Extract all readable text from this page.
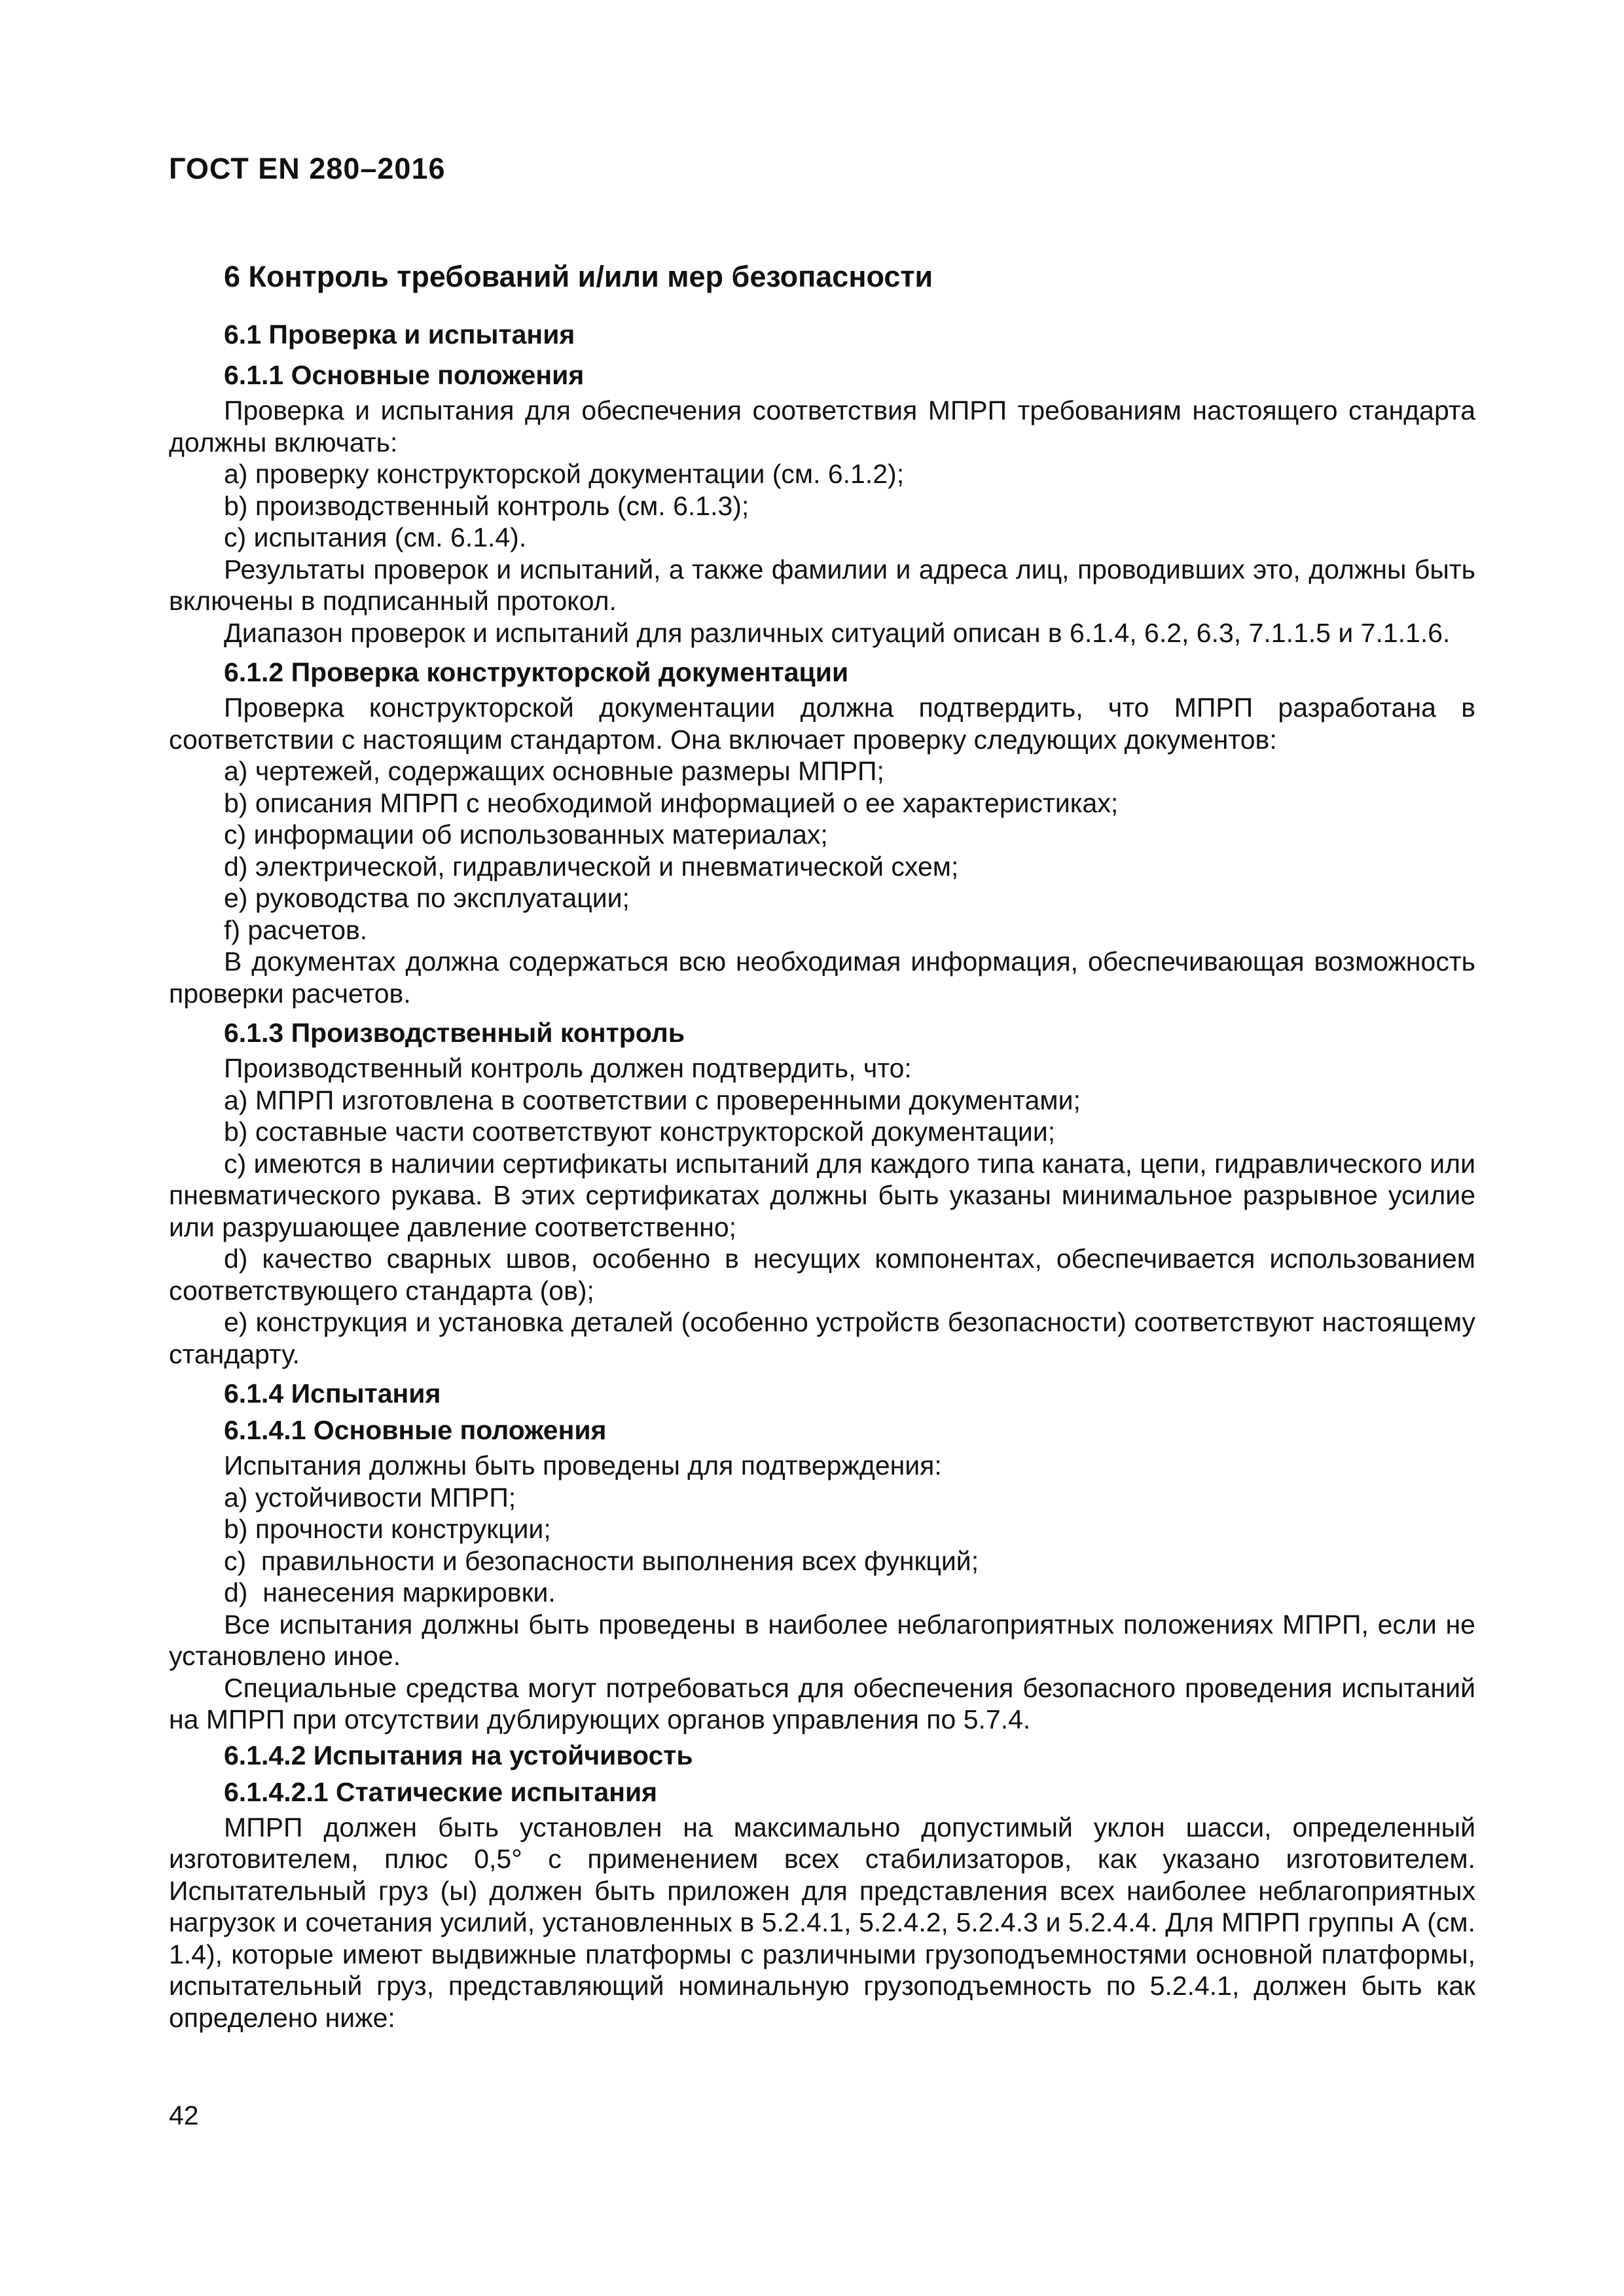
ГОСТ EN 280–2016
6 Контроль требований и/или мер безопасности
6.1 Проверка и испытания
6.1.1 Основные положения

Проверка и испытания для обеспечения соответствия МПРП требованиям настоящего стандарта должны включать:

a) проверку конструкторской документации (см. 6.1.2);

b) производственный контроль (см. 6.1.3);

c) испытания (см. 6.1.4).

Результаты проверок и испытаний, а также фамилии и адреса лиц, проводивших это, должны быть включены в подписанный протокол.

Диапазон проверок и испытаний для различных ситуаций описан в 6.1.4, 6.2, 6.3, 7.1.1.5 и 7.1.1.6.

6.1.2 Проверка конструкторской документации

Проверка конструкторской документации должна подтвердить, что МПРП разработана в соответствии с настоящим стандартом. Она включает проверку следующих документов:

a) чертежей, содержащих основные размеры МПРП;

b) описания МПРП с необходимой информацией о ее характеристиках;

c) информации об использованных материалах;

d) электрической, гидравлической и пневматической схем;

e) руководства по эксплуатации;

f) расчетов.

В документах должна содержаться всю необходимая информация, обеспечивающая возможность проверки расчетов.

6.1.3 Производственный контроль

Производственный контроль должен подтвердить, что:

a) МПРП изготовлена в соответствии с проверенными документами;

b) составные части соответствуют конструкторской документации;

c) имеются в наличии сертификаты испытаний для каждого типа каната, цепи, гидравлического или пневматического рукава. В этих сертификатах должны быть указаны минимальное разрывное усилие или разрушающее давление соответственно;

d) качество сварных швов, особенно в несущих компонентах, обеспечивается использованием соответствующего стандарта (ов);

e) конструкция и установка деталей (особенно устройств безопасности) соответствуют настоящему стандарту.

6.1.4 Испытания
6.1.4.1 Основные положения

Испытания должны быть проведены для подтверждения:

a) устойчивости МПРП;

b) прочности конструкции;

c)  правильности и безопасности выполнения всех функций;

d)  нанесения маркировки.

Все испытания должны быть проведены в наиболее неблагоприятных положениях МПРП, если не установлено иное.

Специальные средства могут потребоваться для обеспечения безопасного проведения испытаний на МПРП при отсутствии дублирующих органов управления по 5.7.4.

6.1.4.2 Испытания на устойчивость
6.1.4.2.1 Статические испытания

МПРП должен быть установлен на максимально допустимый уклон шасси, определенный изготовителем, плюс 0,5° с применением всех стабилизаторов, как указано изготовителем. Испытательный груз (ы) должен быть приложен для представления всех наиболее неблагоприятных нагрузок и сочетания усилий, установленных в 5.2.4.1, 5.2.4.2, 5.2.4.3 и 5.2.4.4. Для МПРП группы А (см. 1.4), которые имеют выдвижные платформы с различными грузоподъемностями основной платформы, испытательный груз, представляющий номинальную грузоподъемность по 5.2.4.1, должен быть как определено ниже:

42
